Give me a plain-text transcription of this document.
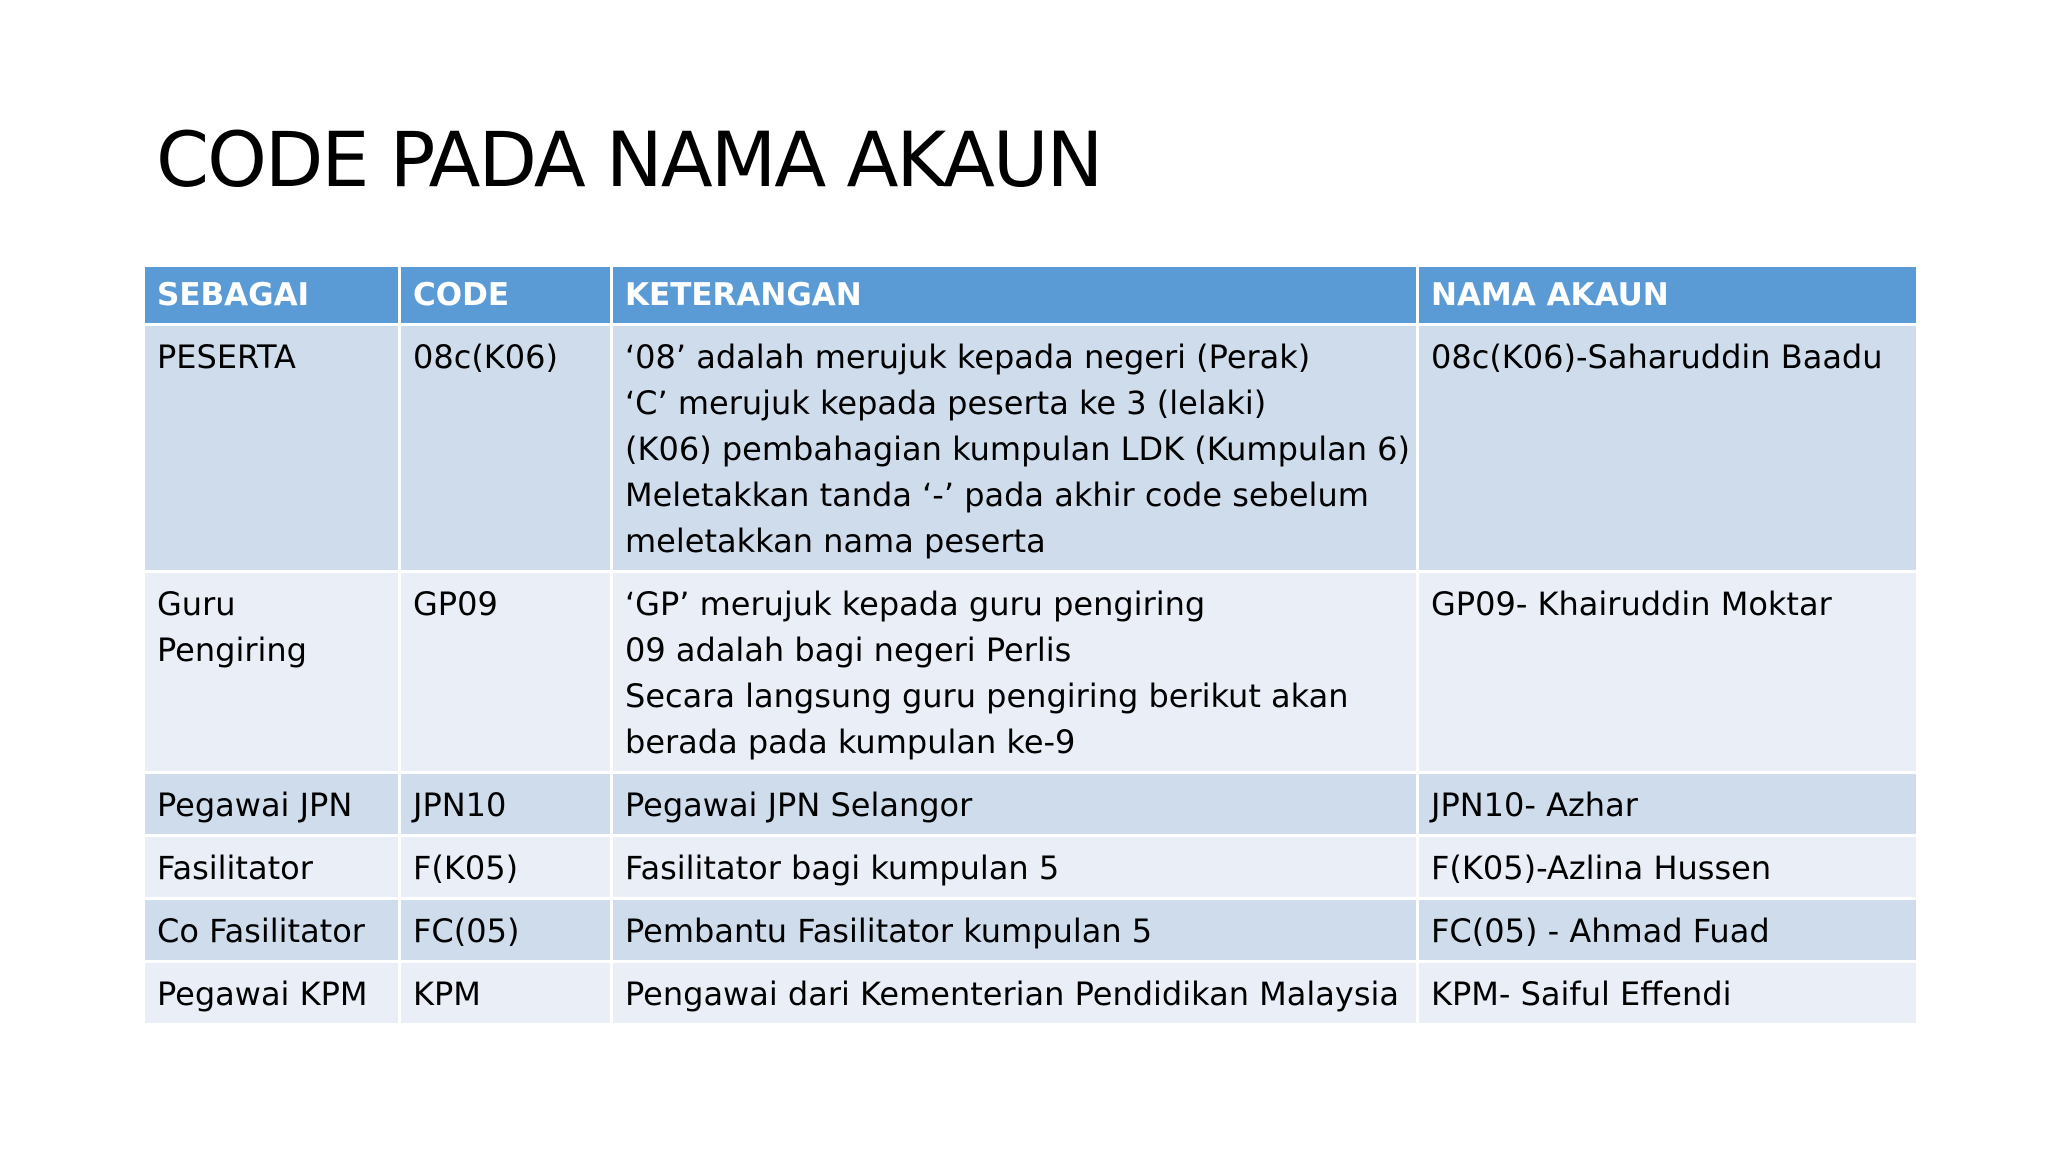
CODE PADA NAMA AKAUN
SEBAGAI	CODE	KETERANGAN	NAMA AKAUN
PESERTA	08c(K06)	‘08’ adalah merujuk kepada negeri (Perak)
‘C’ merujuk kepada peserta ke 3 (lelaki)
(K06) pembahagian kumpulan LDK (Kumpulan 6)
Meletakkan tanda ‘-’ pada akhir code sebelum
meletakkan nama peserta	08c(K06)-Saharuddin Baadu

Guru Pengiring	GP09	‘GP’ merujuk kepada guru pengiring
09 adalah bagi negeri Perlis
Secara langsung guru pengiring berikut akan
berada pada kumpulan ke-9	GP09- Khairuddin Moktar
Pegawai JPN	JPN10	Pegawai JPN Selangor	JPN10- Azhar
Fasilitator	F(K05)	Fasilitator bagi kumpulan 5	F(K05)-Azlina Hussen
Co Fasilitator	FC(05)	Pembantu Fasilitator kumpulan 5	FC(05) - Ahmad Fuad
Pegawai KPM	KPM	Pengawai dari Kementerian Pendidikan Malaysia	KPM- Saiful Effendi
